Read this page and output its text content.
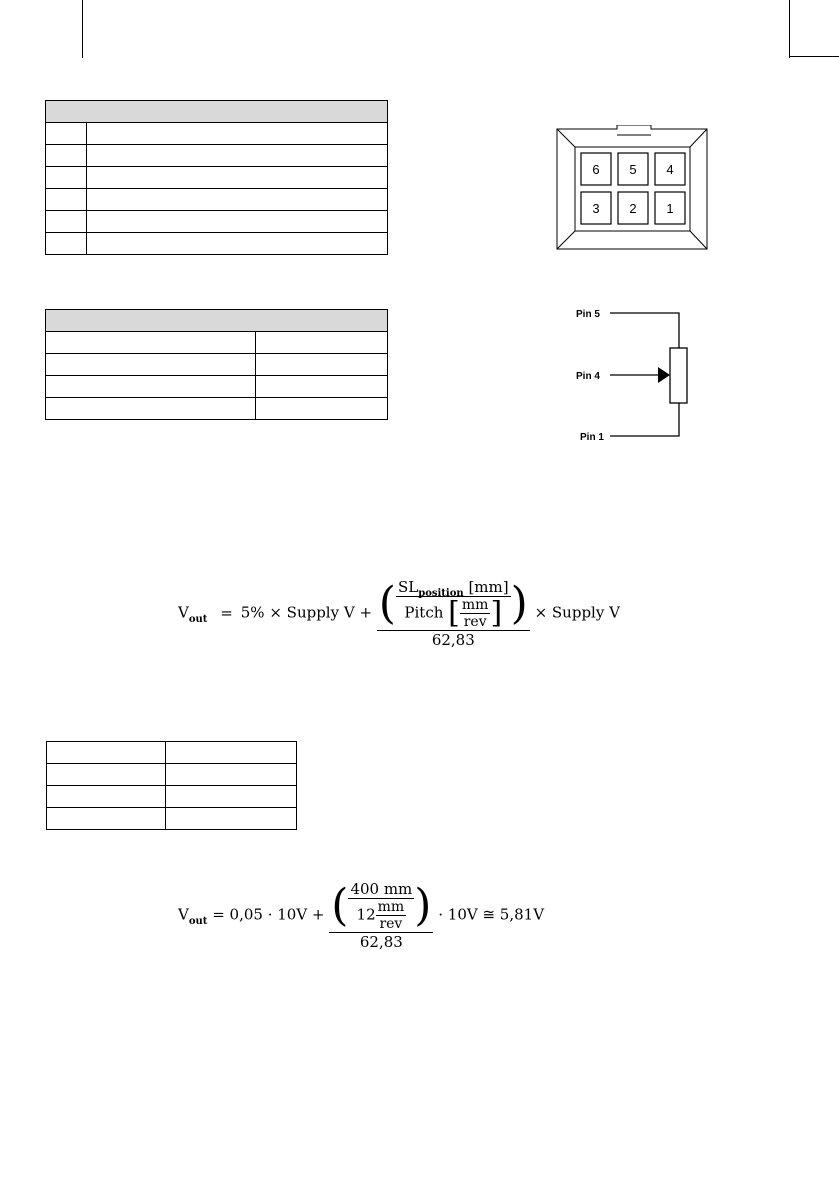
6 5 4
3 2 1
Pin 5
Pin 4
Pin 1
$V_{out} = 5\%$ × Supply $V + \frac{( \frac{SL_{position} [mm]}{Pitch [ \frac{mm}{\text{rev}} ]} )}{62,83}$ × Supply V

$V_{out} = 0,05 \cdot 10V + \frac{( \frac{400 mm}{12 \frac{mm}{\text{rev}}} )}{62,83} \cdot 10V$ ≅ 5,81V
